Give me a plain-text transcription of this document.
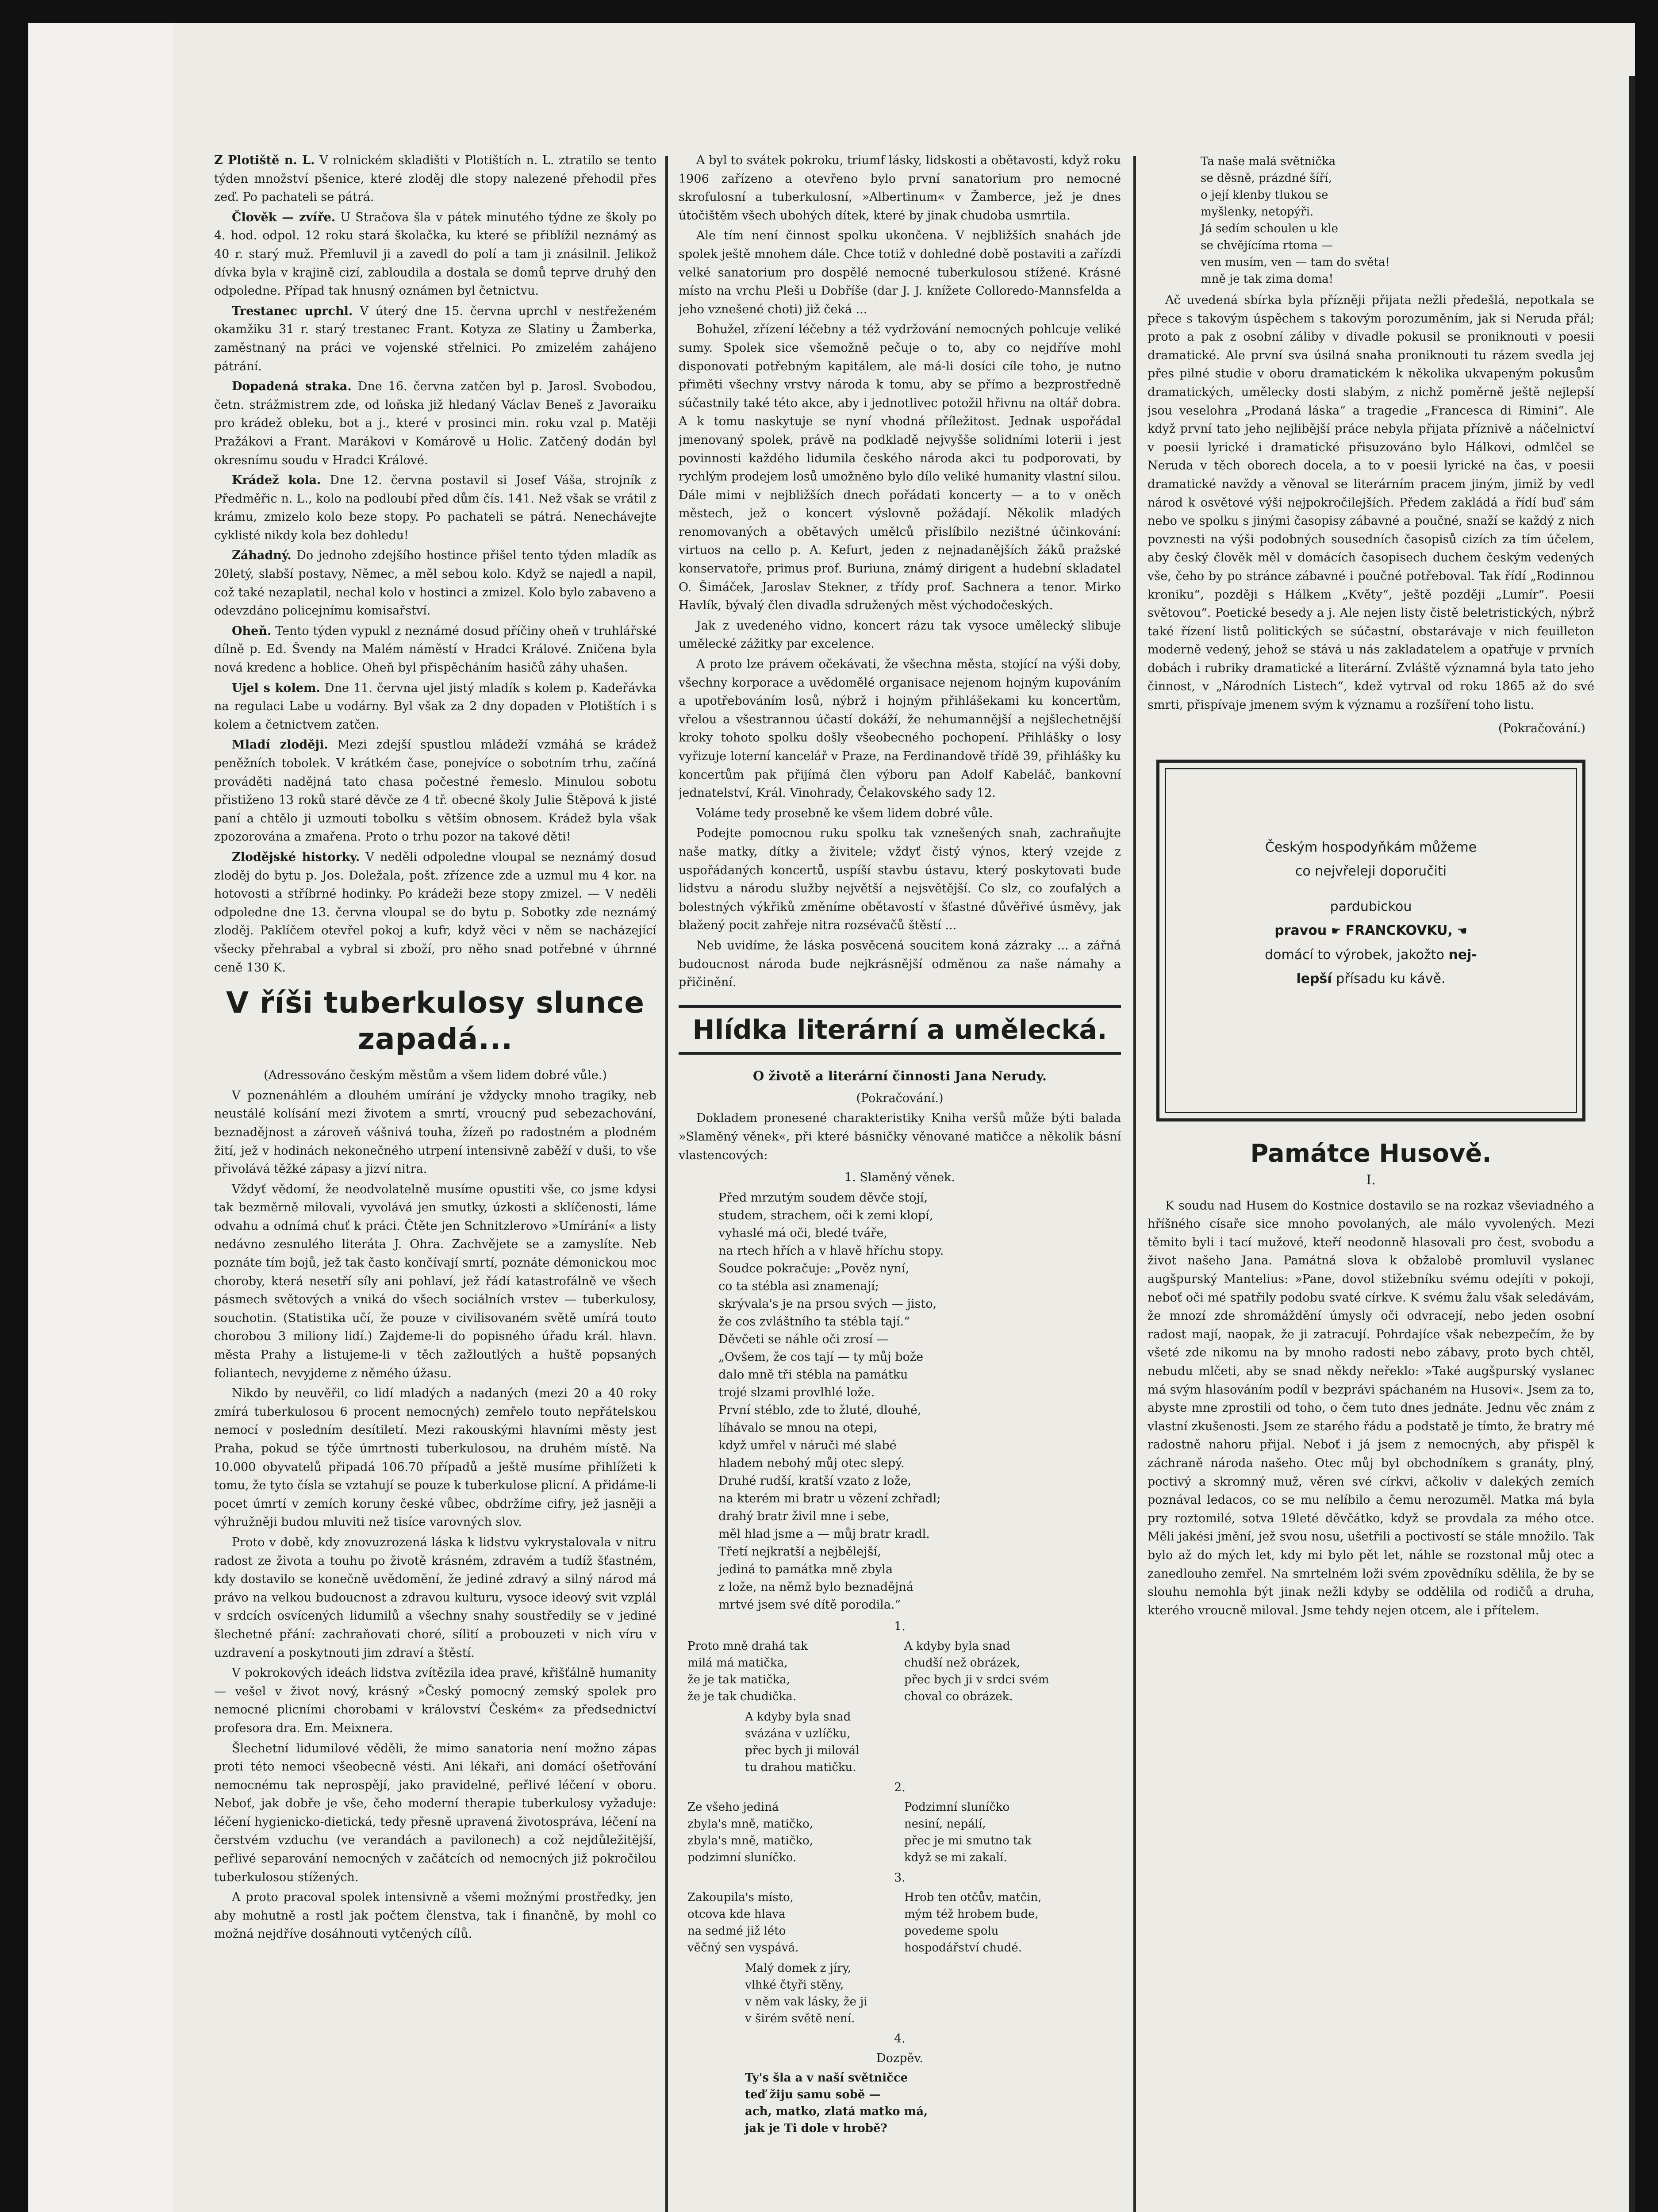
Z Plotiště n. L. V rolnickém skladišti v Plotištích n. L. ztratilo se tento týden množství pšenice, které zloděj dle stopy nalezené přehodil přes zeď. Po pachateli se pátrá.

Člověk — zvíře. U Stračova šla v pátek minutého týdne ze školy po 4. hod. odpol. 12 roku stará školačka, ku které se přiblížil neznámý as 40 r. starý muž. Přemluvil ji a zavedl do polí a tam ji znásilnil. Jelikož dívka byla v krajině cizí, zabloudila a dostala se domů teprve druhý den odpoledne. Případ tak hnusný oznámen byl četnictvu.

Trestanec uprchl. V úterý dne 15. června uprchl v nestřeženém okamžiku 31 r. starý trestanec Frant. Kotyza ze Slatiny u Žamberka, zaměstnaný na práci ve vojenské střelnici. Po zmizelém zahájeno pátrání.

Dopadená straka. Dne 16. června zatčen byl p. Jarosl. Svobodou, četn. strážmistrem zde, od loňska již hledaný Václav Beneš z Javoraiku pro krádež obleku, bot a j., které v prosinci min. roku vzal p. Matěji Pražákovi a Frant. Marákovi v Komárově u Holic. Zatčený dodán byl okresnímu soudu v Hradci Králové.

Krádež kola. Dne 12. června postavil si Josef Váša, strojník z Předměřic n. L., kolo na podloubí před dům čís. 141. Než však se vrátil z krámu, zmizelo kolo beze stopy. Po pachateli se pátrá. Nenechávejte cyklisté nikdy kola bez dohledu!

Záhadný. Do jednoho zdejšího hostince přišel tento týden mladík as 20letý, slabší postavy, Němec, a měl sebou kolo. Když se najedl a napil, což také nezaplatil, nechal kolo v hostinci a zmizel. Kolo bylo zabaveno a odevzdáno policejnímu komisařství.

Oheň. Tento týden vypukl z neznámé dosud příčiny oheň v truhlářské dílně p. Ed. Švendy na Malém náměstí v Hradci Králové. Zničena byla nová kredenc a hoblice. Oheň byl přispěcháním hasičů záhy uhašen.

Ujel s kolem. Dne 11. června ujel jistý mladík s kolem p. Kadeřávka na regulaci Labe u vodárny. Byl však za 2 dny dopaden v Plotištích i s kolem a četnictvem zatčen.

Mladí zloději. Mezi zdejší spustlou mládeží vzmáhá se krádež peněžních tobolek. V krátkém čase, ponejvíce o sobotním trhu, začíná prováděti nadějná tato chasa počestné řemeslo. Minulou sobotu přistiženo 13 roků staré děvče ze 4 tř. obecné školy Julie Štěpová k jisté paní a chtělo ji uzmouti tobolku s větším obnosem. Krádež byla však zpozorována a zmařena. Proto o trhu pozor na takové děti!

Zlodějské historky. V neděli odpoledne vloupal se neznámý dosud zloděj do bytu p. Jos. Doležala, pošt. zřízence zde a uzmul mu 4 kor. na hotovosti a stříbrné hodinky. Po krádeži beze stopy zmizel. — V neděli odpoledne dne 13. června vloupal se do bytu p. Sobotky zde neznámý zloděj. Paklíčem otevřel pokoj a kufr, když věci v něm se nacházející všecky přehrabal a vybral si zboží, pro něho snad potřebné v úhrnné ceně 130 K.

V říši tuberkulosy slunce zapadá...

(Adressováno českým městům a všem lidem dobré vůle.)

V poznenáhlém a dlouhém umírání je vždycky mnoho tragiky, neb neustálé kolísání mezi životem a smrtí, vroucný pud sebezachování, beznadějnost a zároveň vášnivá touha, žízeň po radostném a plodném žití, jež v hodinách nekonečného utrpení intensivně zaběží v duši, to vše přivolává těžké zápasy a jizví nitra.

Vždyť vědomí, že neodvolatelně musíme opustiti vše, co jsme kdysi tak bezměrně milovali, vyvolává jen smutky, úzkosti a sklíčenosti, láme odvahu a odnímá chuť k práci. Čtěte jen Schnitzlerovo »Umírání« a listy nedávno zesnulého literáta J. Ohra. Zachvějete se a zamyslíte. Neb poznáte tím bojů, jež tak často končívají smrtí, poznáte démonickou moc choroby, která nesetří síly ani pohlaví, jež řádí katastrofálně ve všech pásmech světových a vniká do všech sociálních vrstev — tuberkulosy, souchotin. (Statistika učí, že pouze v civilisovaném světě umírá touto chorobou 3 miliony lidí.) Zajdeme-li do popisného úřadu král. hlavn. města Prahy a listujeme-li v těch zažloutlých a huště popsaných foliantech, nevyjdeme z němého úžasu.

Nikdo by neuvěřil, co lidí mladých a nadaných (mezi 20 a 40 roky zmírá tuberkulosou 6 procent nemocných) zemřelo touto nepřátelskou nemocí v posledním desítiletí. Mezi rakouskými hlavními městy jest Praha, pokud se týče úmrtnosti tuberkulosou, na druhém místě. Na 10.000 obyvatelů připadá 106.70 případů a ještě musíme přihlížeti k tomu, že tyto čísla se vztahují se pouze k tuberkulose plicní. A přidáme-li pocet úmrtí v zemích koruny české vůbec, obdržíme cifry, jež jasněji a výhružněji budou mluviti než tisíce varovných slov.

Proto v době, kdy znovuzrozená láska k lidstvu vykrystalovala v nitru radost ze života a touhu po životě krásném, zdravém a tudíž šťastném, kdy dostavilo se konečně uvědomění, že jediné zdravý a silný národ má právo na velkou budoucnost a zdravou kulturu, vysoce ideový svit vzplál v srdcích osvícených lidumilů a všechny snahy soustředily se v jediné šlechetné přání: zachraňovati choré, sílití a probouzeti v nich víru v uzdravení a poskytnouti jim zdraví a štěstí.

V pokrokových ideách lidstva zvítězila idea pravé, křišťálně humanity — vešel v život nový, krásný »Český pomocný zemský spolek pro nemocné plicními chorobami v království Českém« za předsednictví profesora dra. Em. Meixnera.

Šlechetní lidumilové věděli, že mimo sanatoria není možno zápas proti této nemoci všeobecně vésti. Ani lékaři, ani domácí ošetřování nemocnému tak neprospějí, jako pravidelné, peřlivé léčení v oboru. Neboť, jak dobře je vše, čeho moderní therapie tuberkulosy vyžaduje: léčení hygienicko-dietická, tedy přesně upravená životosprávа, léčení na čerstvém vzduchu (ve verandách a pavilonech) a což nejdůležitější, peřlivé separování nemocných v začátcích od nemocných již pokročilou tuberkulosou stížených.

A proto pracoval spolek intensivně a všemi možnými prostředky, jen aby mohutně a rostl jak počtem členstva, tak i finančně, by mohl co možná nejdříve dosáhnouti vytčených cílů.

A byl to svátek pokroku, triumf lásky, lidskosti a obětavosti, když roku 1906 zařízeno a otevřeno bylo první sanatorium pro nemocné skrofulosní a tuberkulosní, »Albertinum« v Žamberce, jež je dnes útočištěm všech ubohých dítek, které by jinak chudoba usmrtila.

Ale tím není činnost spolku ukončena. V nejbližších snahách jde spolek ještě mnohem dále. Chce totiž v dohledné době postaviti a zařízdi velké sanatorium pro dospělé nemocné tuberkulosou stížené. Krásné místo na vrchu Pleši u Dobříše (dar J. J. knížete Colloredo-Mannsfelda a jeho vznešené choti) již čeká ...

Bohužel, zřízení léčebny a též vydržování nemocných pohlcuje veliké sumy. Spolek sice všemožně pečuje o to, aby co nejdříve mohl disponovati potřebným kapitálem, ale má-li dosíci cíle toho, je nutno přiměti všechny vrstvy národa k tomu, aby se přímo a bezprostředně súčastnily také této akce, aby i jednotlivec potožil hřivnu na oltář dobra. A k tomu naskytuje se nyní vhodná příležitost. Jednak uspořádal jmenovaný spolek, právě na podkladě nejvyšše solidními loterii i jest povinnosti každého lidumila českého národa akci tu podporovati, by rychlým prodejem losů umožněno bylo dílo veliké humanity vlastní silou. Dále mimi v nejbližších dnech pořádati koncerty — a to v oněch městech, jež o koncert výslovně požádají. Několik mladých renomovaných a obětavých umělců přislíbilo nezištné účinkování: virtuos na cello p. A. Kefurt, jeden z nejnadanějších žáků pražské konservatoře, primus prof. Buriuna, známý dirigent a hudební skladatel O. Šimáček, Jaroslav Stekner, z třídy prof. Sachnera a tenor. Mirko Havlík, bývalý člen divadla sdružených měst východočeských.

Jak z uvedeného vidno, koncert rázu tak vysoce umělecký slibuje umělecké zážitky par excelence.

A proto lze právem očekávati, že všechna města, stojící na výši doby, všechny korporace a uvědomělé organisace nejenom hojným kupováním a upotřebováním losů, nýbrž i hojným přihlášekami ku koncertům, vřelou a všestrannou účastí dokáží, že nehumannější a nejšlechetnější kroky tohoto spolku došly všeobecného pochopení. Přihlášky o losy vyřizuje loterní kancelář v Praze, na Ferdinandově třídě 39, přihlášky ku koncertům pak přijímá člen výboru pan Adolf Kabeláč, bankovní jednatelství, Král. Vinohrady, Čelakovského sady 12.

Voláme tedy prosebně ke všem lidem dobré vůle.

Podejte pomocnou ruku spolku tak vznešených snah, zachraňujte naše matky, dítky a živitele; vždyť čistý výnos, který vzejde z uspořádaných koncertů, uspíší stavbu ústavu, který poskytovati bude lidstvu a národu služby největší a nejsvětější. Co slz, co zoufalých a bolestných výkřiků změníme obětavostí v šťastné důvěřivé úsměvy, jak blažený pocit zahřeje nitra rozsévačů štěstí ...

Neb uvidíme, že láska posvěcená soucitem koná zázraky ... a zářná budoucnost národa bude nejkrásnější odměnou za naše námahy a přičinění.

Hlídka literární a umělecká.
O životě a literární činnosti Jana Nerudy.

(Pokračování.)

Dokladem pronesené charakteristiky Kniha veršů může býti balada »Slaměný věnek«, při které básničky věnované matičce a několik básní vlastencových:

1. Slaměný věnek.
Před mrzutým soudem děvče stojí,
studem, strachem, oči k zemi klopí,
vyhaslé má oči, bledé tváře,
na rtech hřích a v hlavě hříchu stopy.
Soudce pokračuje: „Pověz nyní,
co ta stébla asi znamenají;
skrývala's je na prsou svých — jisto,
že cos zvláštního ta stébla tají.“
Děvčeti se náhle oči zrosí —
„Ovšem, že cos tají — ty můj bože
dalo mně tři stébla na památku
trojé slzami provlhlé lože.
První stéblo, zde to žluté, dlouhé,
líhávalo se mnou na otepi,
když umřel v náruči mé slabé
hladem nebohý můj otec slepý.
Druhé rudší, kratší vzato z lože,
na kterém mi bratr u vězení zchřadl;
drahý bratr živil mne i sebe,
měl hlad jsme a — můj bratr kradl.
Třetí nejkratší a nejbělejší,
jediná to památka mně zbyla
z lože, na němž bylo beznadějná
mrtvé jsem své dítě porodila.“
1.
Proto mně drahá tak
milá má matička,
že je tak matička,
že je tak chudička.
A kdyby byla snad
chudší než obrázek,
přec bych ji v srdci svém
choval co obrázek.
A kdyby byla snad
svázána v uzlíčku,
přec bych ji milovál
tu drahou matičku.
2.
Ze všeho jediná
zbyla's mně, matičko,
zbyla's mně, matičko,
podzimní sluníčko.
Podzimní sluníčko
nesiní, nepálí,
přec je mi smutno tak
když se mi zakalí.
3.
Zakoupila's místo,
otcova kde hlava
na sedmé již léto
věčný sen vyspává.
Hrob ten otčův, matčin,
mým též hrobem bude,
povedeme spolu
hospodářství chudé.
Malý domek z jíry,
vlhké čtyři stěny,
v něm vak lásky, že ji
v širém světě není.
4.
Dozpěv.
Ty's šla a v naší světničce
teď žiju samu sobě —
ach, matko, zlatá matko má,
jak je Ti dole v hrobě?
Ta naše malá světnička
se děsně, prázdné šíří,
o její klenby tlukou se
myšlenky, netopýři.
Já sedím schoulen u kle
se chvějícíma rtoma —
ven musím, ven — tam do světa!
mně je tak zima doma!

Ač uvedená sbírka byla přízněji přijata nežli předešlá, nepotkala se přece s takovým úspěchem s takovým porozuměním, jak si Neruda přál; proto a pak z osobní záliby v divadle pokusil se proniknouti v poesii dramatické. Ale první sva úsilná snaha proniknouti tu rázem svedla jej přes pilné studie v oboru dramatickém k několika ukvapeným pokusům dramatických, umělecky dosti slabým, z nichž poměrně ještě nejlepší jsou veselohra „Prodaná láska“ a tragedie „Francesca di Rimini“. Ale když první tato jeho nejlibější práce nebyla přijata příznivě a náčelnictví v poesii lyrické i dramatické přisuzováno bylo Hálkovi, odmlčel se Neruda v těch oborech docela, a to v poesii lyrické na čas, v poesii dramatické navždy a věnoval se literárním pracem jiným, jimiž by vedl národ k osvětové výši nejpokročilejších. Předem zakládá a řídí buď sám nebo ve spolku s jinými časopisy zábavné a poučné, snaží se každý z nich povznesti na výši podobných sousedních časopisů cizích za tím účelem, aby český člověk měl v domácích časopisech duchem českým vedených vše, čeho by po stránce zábavné i poučné potřeboval. Tak řídí „Rodinnou kroniku“, později s Hálkem „Květy“, ještě později „Lumír“. Poesii světovou“. Poetické besedy a j. Ale nejen listy čistě beletristických, nýbrž také řízení listů politických se súčastní, obstarávaje v nich feuilleton moderně vedený, jehož se stává u nás zakladatelem a opatřuje v prvních dobách i rubriky dramatické a literární. Zvláště významná byla tato jeho činnost, v „Národních Listech“, kdež vytrval od roku 1865 až do své smrti, přispívaje jmenem svým k významu a rozšíření toho listu.

(Pokračování.)

Českým hospodyňkám můžeme
co nejvřeleji doporučiti
pardubickou
pravou ☛ FRANCKOVKU, ☚
domácí to výrobek, jakožto nej-
lepší přísadu ku kávě.
Památce Husově.
I.

K soudu nad Husem do Kostnice dostavilo se na rozkaz vševiadného a hříšného císaře sice mnoho povolaných, ale málo vyvolených. Mezi těmito byli i tací mužové, kteří neodonně hlasovali pro čest, svobodu a život našeho Jana. Památná slova k obžalobě promluvil vyslanec augšpurský Mantelius: »Pane, dovol stižebníku svému odejíti v pokoji, neboť oči mé spatřily podobu svaté církve. K svému žalu však seledávám, že mnozí zde shromáždění úmysly oči odvracejí, nebo jeden osobní radost mají, naopak, že ji zatracují. Pohrdajíce však nebezpečím, že by všeté zde nikomu na by mnoho radosti nebo zábavy, proto bych chtěl, nebudu mlčeti, aby se snad někdy neřeklo: »Také augšpurský vyslanec má svým hlasováním podíl v bezprávi spáchaném na Husovi«. Jsem za to, abyste mne zprostili od toho, o čem tuto dnes jednáte. Jednu věc znám z vlastní zkušenosti. Jsem ze starého řádu a podstatě je tímto, že bratry mé radostně nahoru přijal. Neboť i já jsem z nemocných, aby přispěl k záchraně národa našeho. Otec můj byl obchodníkem s granáty, plný, poctivý a skromný muž, věren své církvi, ačkoliv v dalekých zemích poznával ledacos, co se mu nelíbilo a čemu nerozuměl. Matka má byla pry roztomilé, sotva 19leté děvčátko, když se provdala za mého otce. Měli jakési jmění, jež svou nosu, ušetřili a poctivostí se stále množilo. Tak bylo až do mých let, kdy mi bylo pět let, náhle se rozstonal můj otec a zanedlouho zemřel. Na smrtelném loži svém zpovědníku sdělila, že by se slouhu nemohla být jinak nežli kdyby se oddělila od rodičů a druha, kterého vroucně miloval. Jsme tehdy nejen otcem, ale i přítelem.
